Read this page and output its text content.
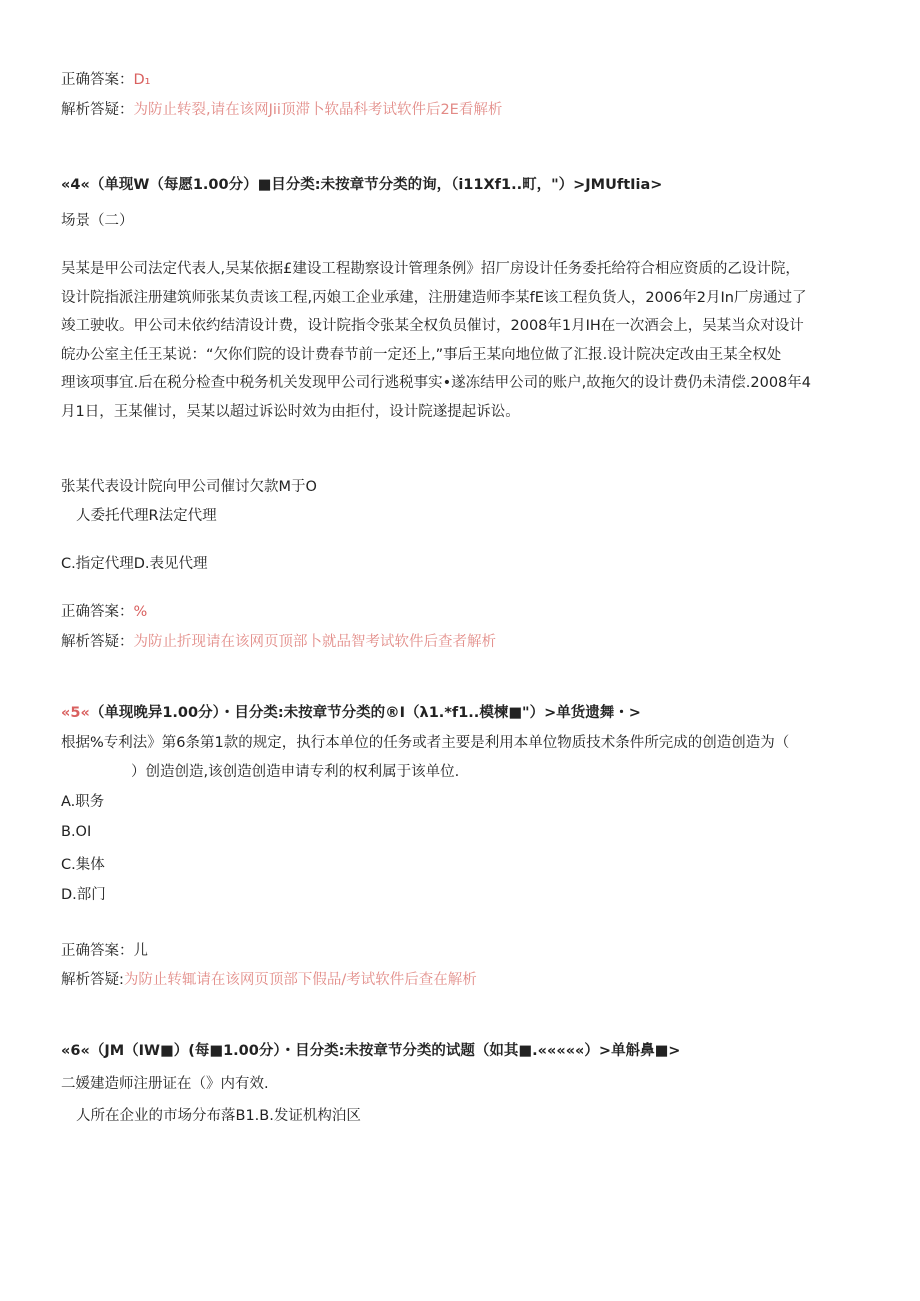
正确答案：D₁
解析答疑：为防止转裂,请在该网Jii顶滞卜软晶科考试软件后2E看解析
«4«（单现W（每愿1.00分）■目分类:未按章节分类的询，（i11Xf1..町，"）>JMUftIia>
场景（二）
吴某是甲公司法定代表人,吴某依据£建设工程勘察设计管理条例》招厂房设计任务委托给符合相应资质的乙设计院，
设计院指派注册建筑师张某负责该工程,丙娘工企业承建，注册建造师李某fE该工程负货人，2006年2月In厂房通过了
竣工驶收。甲公司未依约结清设计费，设计院指令张某全权负员催讨，2008年1月IH在一次酒会上，吴某当众对设计
皖办公室主任王某说：“欠你们院的设计费春节前一定还上,”事后王某向地位做了汇报.设计院决定改由王某全权处
理该项事宜.后在税分检查中税务机关发现甲公司行逃税事实•遂冻结甲公司的账户,故拖欠的设计费仍未清偿.2008年4
月1日，王某催讨，吴某以超过诉讼时效为由拒付，设计院遂提起诉讼。
张某代表设计院向甲公司催讨欠款M于O
人委托代理R法定代理
C.指定代理D.表见代理
正确答案：%
解析答疑：为防止折现请在该网页顶部卜就品智考试软件后查者解析
«5«（单现晚异1.00分）・目分类:未按章节分类的®I（λ1.*f1..模楝■"）>单货遗舞・>
根据%专利法》第6条第1款的规定，执行本单位的任务或者主要是利用本单位物质技术条件所完成的创造创造为（
）创造创造,该创造创造申请专利的权利属于该单位.
A.职务
B.OI
C.集体
D.部门
正确答案：儿
解析答疑:为防止转辄请在该网页顶部下假品/考试软件后查在解析
«6«（JM（IW■）(每■1.00分）・目分类:未按章节分类的试题（如其■.«««««）>单斛鼻■>
二媛建造师注册证在（》内有效.
人所在企业的市场分布落B1.B.发证机构泊区
